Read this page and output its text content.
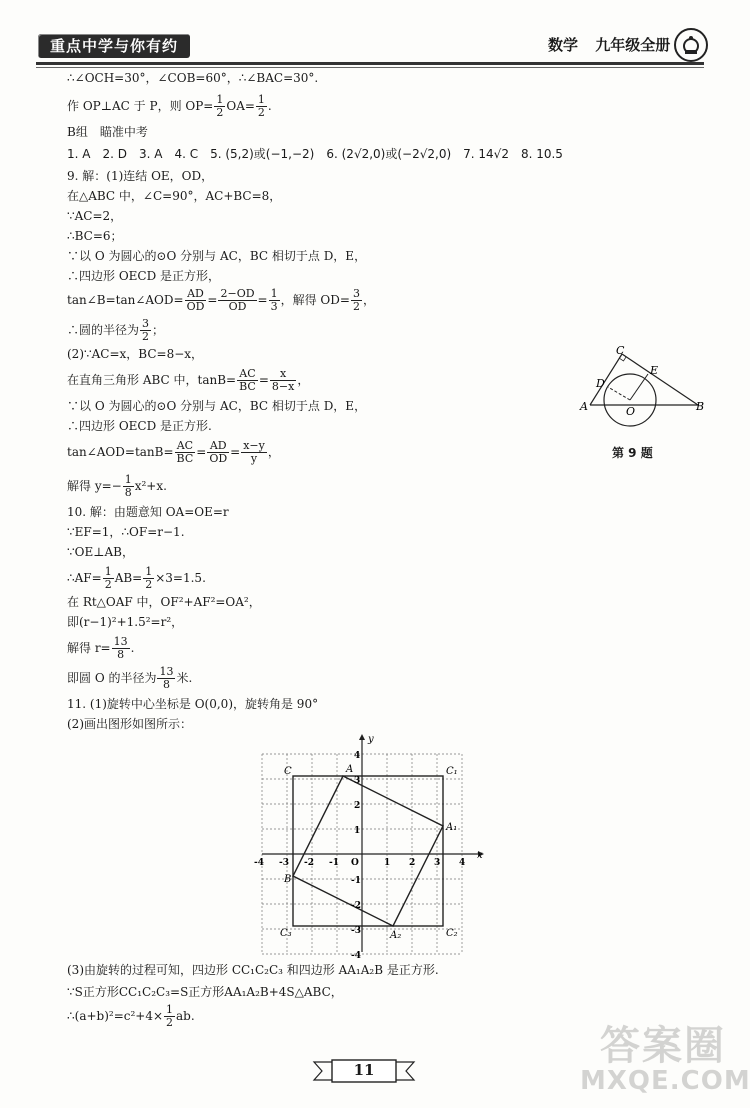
重点中学与你有约	数学 九年级全册
∴∠OCH=30°，∠COB=60°，∴∠BAC=30°.
作 OP⊥AC 于 P，则 $OP= \frac{1}{2} OA= \frac{1}{2}$ .
B组　瞄准中考
1. A　2. D　3. A　4. C　5. (5,2)或(−1,−2)　6. (2√2,0)或(−2√2,0)　7. 14√2　8. 10.5
9. 解：(1)连结 OE，OD，
在△ABC 中，∠C=90°，AC+BC=8，
∵AC=2，
∴BC=6；
∵以 O 为圆心的⊙O 分别与 AC，BC 相切于点 D，E，
∴四边形 OECD 是正方形，
tan∠B=tan∠AOD= $\frac{AD}{OD} = \frac{2-OD}{OD} = \frac{1}{3}$ ，解得 $OD= \frac{3}{2}$ ，
∴圆的半径为 $\frac{3}{2}$ ；
(2)∵AC=x，BC=8−x，
在直角三角形 ABC 中，$\tan B= \frac{AC}{BC} = \frac{x}{8-x}$ ，
∵以 O 为圆心的⊙O 分别与 AC，BC 相切于点 D，E，
∴四边形 OECD 是正方形.
tan∠AOD=tanB= $\frac{AC}{BC} = \frac{AD}{OD} = \frac{x-y}{y}$ ，
解得 $y=- \frac{1}{8} x^2+x$.
10. 解：由题意知 OA=OE=r
∵EF=1，∴OF=r−1.
∵OE⊥AB，
∴AF= $\frac{1}{2} AB= \frac{1}{2} \times 3=1.5$.
在 Rt△OAF 中，OF²+AF²=OA²，
即(r−1)²+1.5²=r²，
解得 $r= \frac{13}{8}$ .
即圆 O 的半径为 $\frac{13}{8}$ 米.
11. (1)旋转中心坐标是 O(0,0)，旋转角是 90°
(2)画出图形如图所示：
C
E
D
A	O	B
第 9 题
x
y
-4 -3 -2 -1 O	1 2 3 4
4
3
2
1
-1
-2
-3
-4
A
A₁
A₂
B
C	C₁
C₂
C₃
(3)由旋转的过程可知，四边形 CC₁C₂C₃ 和四边形 AA₁A₂B 是正方形.
∵S正方形CC₁C₂C₃=S正方形AA₁A₂B+4S△ABC，
∴(a+b)²=c²+4× $\frac{1}{2}$ ab.
11
答案圈
MXQE.COM
